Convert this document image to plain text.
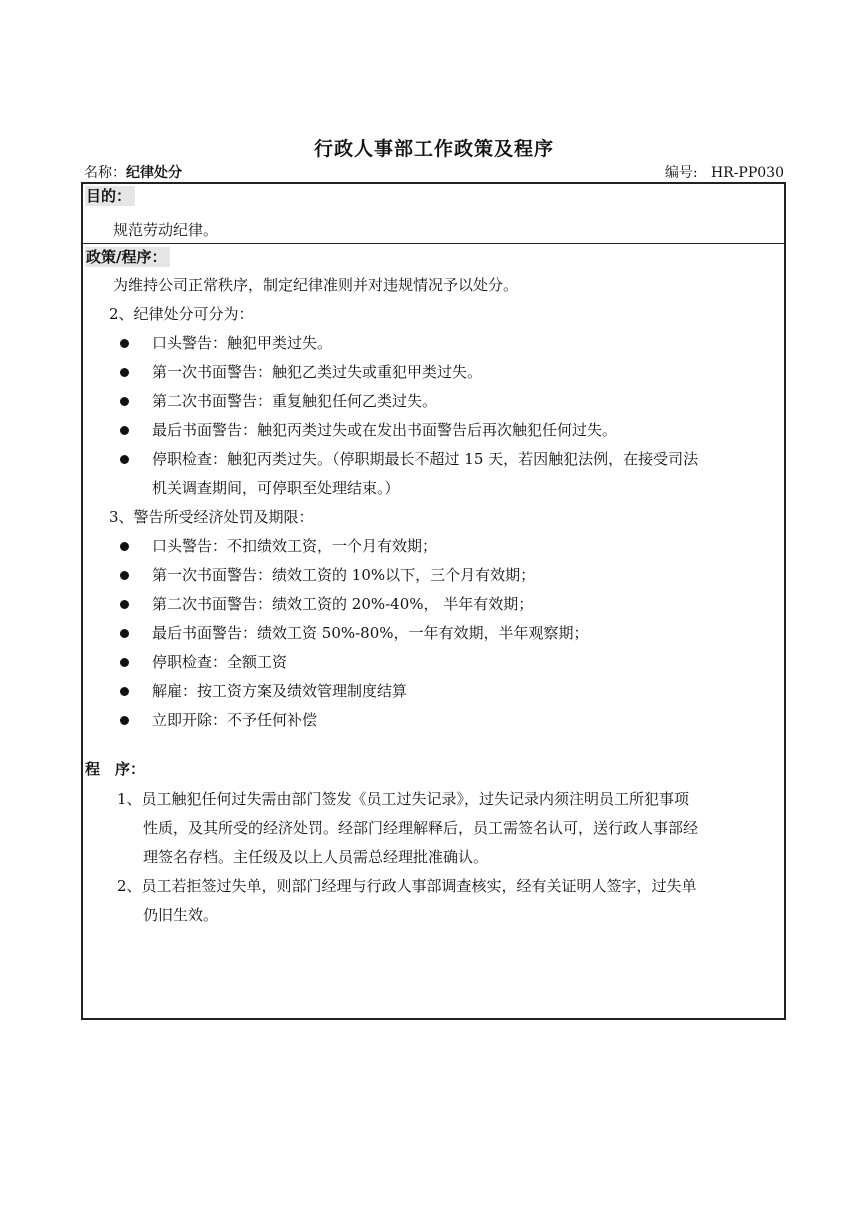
行政人事部工作政策及程序
名称：纪律处分	编号: HR-PP030
目的：
规范劳动纪律。
政策/程序：
为维持公司正常秩序，制定纪律准则并对违规情况予以处分。
2、纪律处分可分为：
口头警告：触犯甲类过失。
第一次书面警告：触犯乙类过失或重犯甲类过失。
第二次书面警告：重复触犯任何乙类过失。
最后书面警告：触犯丙类过失或在发出书面警告后再次触犯任何过失。
停职检查：触犯丙类过失。（停职期最长不超过 15 天，若因触犯法例，在接受司法
机关调查期间，可停职至处理结束。）
3、警告所受经济处罚及期限：
口头警告：不扣绩效工资，一个月有效期；
第一次书面警告：绩效工资的 10%以下，三个月有效期；
第二次书面警告：绩效工资的 20%-40%， 半年有效期；
最后书面警告：绩效工资 50%-80%，一年有效期，半年观察期；
停职检查：全额工资
解雇：按工资方案及绩效管理制度结算
立即开除：不予任何补偿
程　序：
1、员工触犯任何过失需由部门签发《员工过失记录》，过失记录内须注明员工所犯事项
性质，及其所受的经济处罚。经部门经理解释后，员工需签名认可，送行政人事部经
理签名存档。主任级及以上人员需总经理批准确认。
2、员工若拒签过失单，则部门经理与行政人事部调查核实，经有关证明人签字，过失单
仍旧生效。
